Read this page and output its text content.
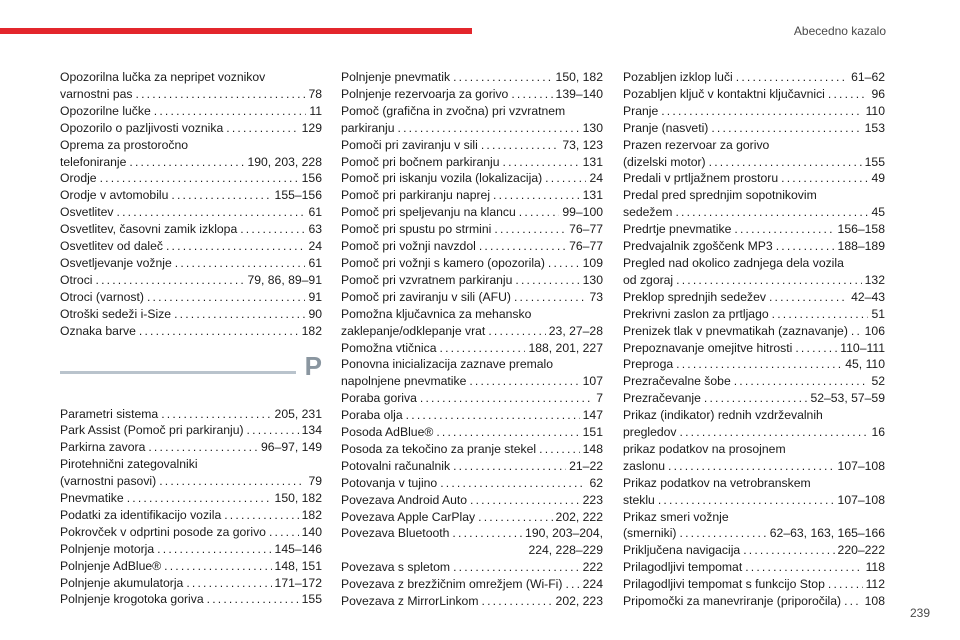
Abecedno kazalo
Opozorilna lučka za nepripet voznikov
varnostni pas . . .	78
Opozorilne lučke . . .	11
Opozorilo o pazljivosti voznika . . .	129
Oprema za prostoročno
telefoniranje . . .	190, 203, 228
Orodje . . .	156
Orodje v avtomobilu . . .	155–156
Osvetlitev . . .	61
Osvetlitev, časovni zamik izklopa . . .	63
Osvetlitev od daleč . . .	24
Osvetljevanje vožnje . . .	61
Otroci . . .	79, 86, 89–91
Otroci (varnost) . . .	91
Otroški sedeži i-Size . . .	90
Oznaka barve . . .	182
P
Parametri sistema . . .	205, 231
Park Assist (Pomoč pri parkiranju) . . .	134
Parkirna zavora . . .	96–97, 149
Pirotehnični zategovalniki
(varnostni pasovi) . . .	79
Pnevmatike . . .	150, 182
Podatki za identifikacijo vozila . . .	182
Pokrovček v odprtini posode za gorivo . . .	140
Polnjenje motorja . . .	145–146
Polnjenje AdBlue® . . .	148, 151
Polnjenje akumulatorja . . .	171–172
Polnjenje krogotoka goriva . . .	155
Polnjenje pnevmatik . . .	150, 182
Polnjenje rezervoarja za gorivo . . .	139–140
Pomoč (grafična in zvočna) pri vzvratnem
parkiranju . . .	130
Pomoči pri zaviranju v sili . . .	73, 123
Pomoč pri bočnem parkiranju . . .	131
Pomoč pri iskanju vozila (lokalizacija) . . .	24
Pomoč pri parkiranju naprej . . .	131
Pomoč pri speljevanju na klancu . . .	99–100
Pomoč pri spustu po strmini . . .	76–77
Pomoč pri vožnji navzdol . . .	76–77
Pomoč pri vožnji s kamero (opozorila) . . .	109
Pomoč pri vzvratnem parkiranju . . .	130
Pomoč pri zaviranju v sili (AFU) . . .	73
Pomožna ključavnica za mehansko
zaklepanje/odklepanje vrat . . .	23, 27–28
Pomožna vtičnica . . .	188, 201, 227
Ponovna inicializacija zaznave premalo
napolnjene pnevmatike . . .	107
Poraba goriva . . .	7
Poraba olja . . .	147
Posoda AdBlue® . . .	151
Posoda za tekočino za pranje stekel . . .	148
Potovalni računalnik . . .	21–22
Potovanja v tujino . . .	62
Povezava Android Auto . . .	223
Povezava Apple CarPlay . . .	202, 222
Povezava Bluetooth . . .	190, 203–204,
224, 228–229
Povezava s spletom . . .	222
Povezava z brezžičnim omrežjem (Wi-Fi) . . . 224
Povezava z MirrorLinkom . . .	202, 223
Pozabljen izklop luči . . .	61–62
Pozabljen ključ v kontaktni ključavnici . . .	96
Pranje . . .	110
Pranje (nasveti) . . .	153
Prazen rezervoar za gorivo
(dizelski motor) . . .	155
Predali v prtljažnem prostoru . . .	49
Predal pred sprednjim sopotnikovim
sedežem . . .	45
Predrtje pnevmatike . . .	156–158
Predvajalnik zgoščenk MP3 . . .	188–189
Pregled nad okolico zadnjega dela vozila
od zgoraj . . .	132
Preklop sprednjih sedežev . . .	42–43
Prekrivni zaslon za prtljago . . .	51
Prenizek tlak v pnevmatikah (zaznavanje) . . . 106
Prepoznavanje omejitve hitrosti . . .	110–111
Preproga . . .	45, 110
Prezračevalne šobe . . .	52
Prezračevanje . . .	52–53, 57–59
Prikaz (indikator) rednih vzdrževalnih
pregledov . . .	16
prikaz podatkov na prosojnem
zaslonu . . .	107–108
Prikaz podatkov na vetrobranskem
steklu . . .	107–108
Prikaz smeri vožnje
(smerniki) . . .	62–63, 163, 165–166
Priključena navigacija . . .	220–222
Prilagodljivi tempomat . . .	118
Prilagodljivi tempomat s funkcijo Stop . . .	112
Pripomočki za manevriranje (priporočila) . . . 108
239
